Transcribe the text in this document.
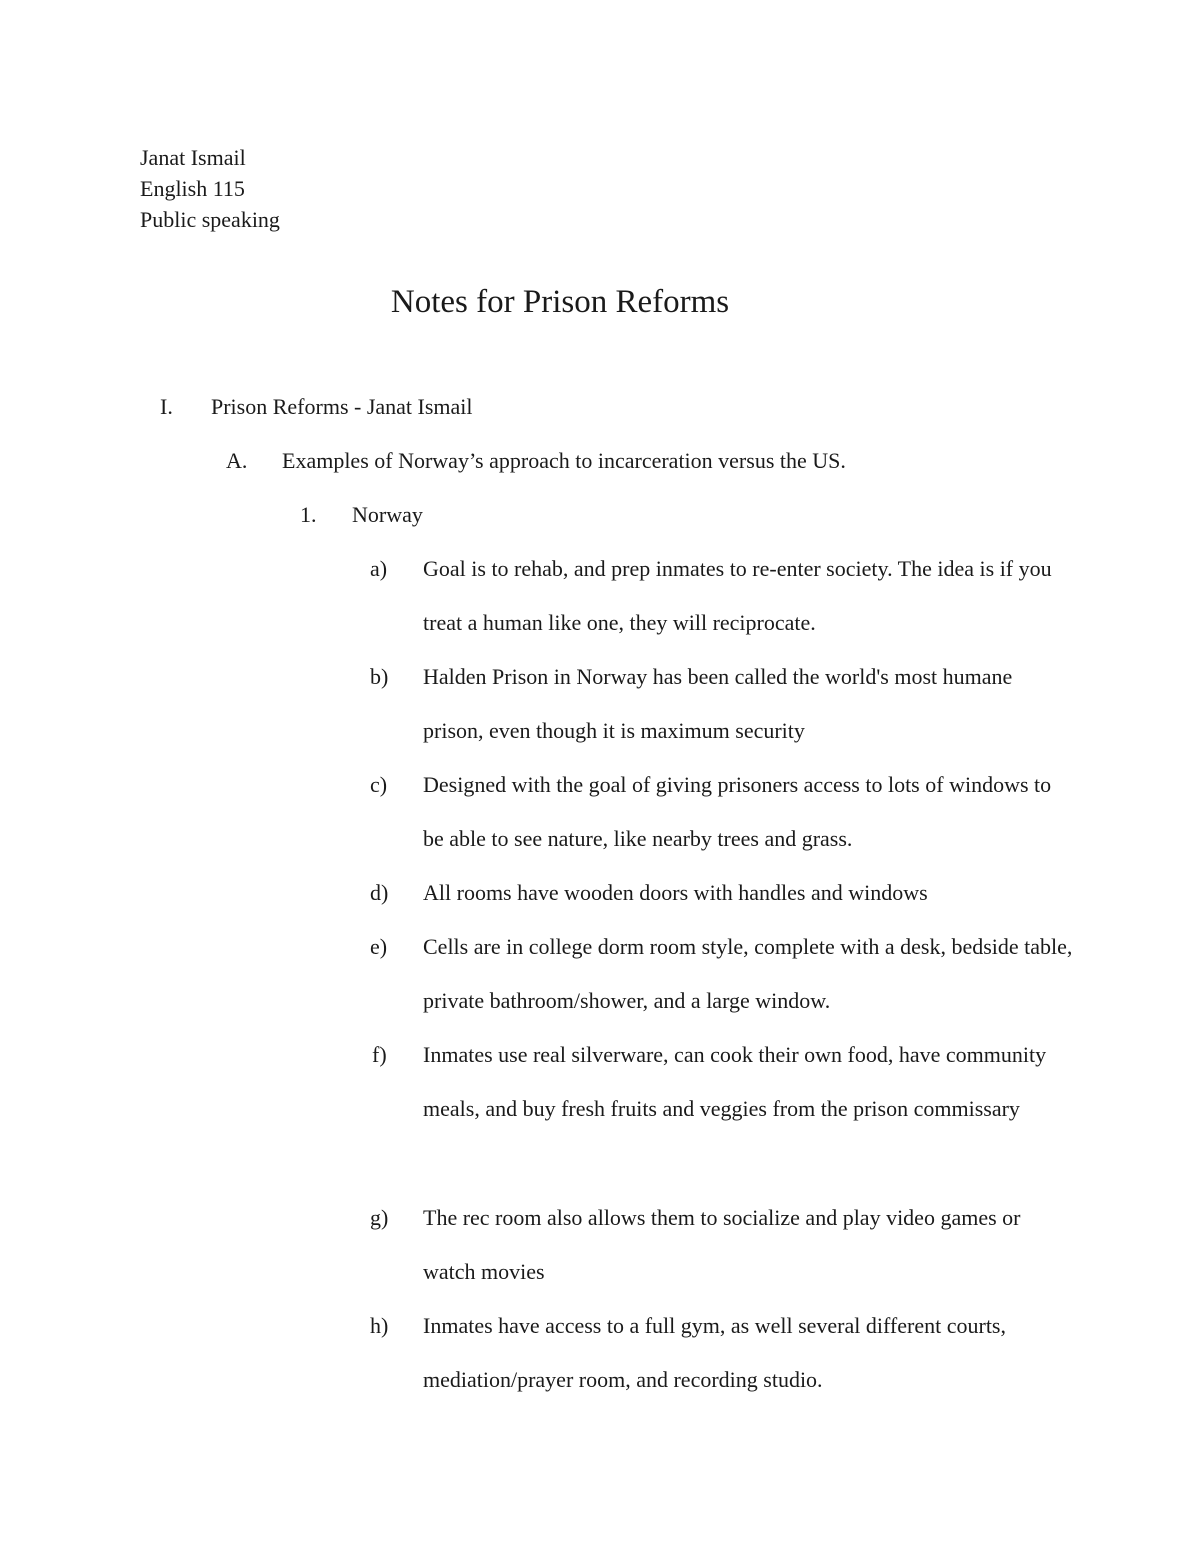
Janat Ismail
English 115
Public speaking
Notes for Prison Reforms
I. Prison Reforms - Janat Ismail
A. Examples of Norway’s approach to incarceration versus the US.
1. Norway
a) Goal is to rehab, and prep inmates to re-enter society. The idea is if you treat a human like one, they will reciprocate.
b) Halden Prison in Norway has been called the world's most humane prison, even though it is maximum security
c) Designed with the goal of giving prisoners access to lots of windows to be able to see nature, like nearby trees and grass.
d) All rooms have wooden doors with handles and windows
e) Cells are in college dorm room style, complete with a desk, bedside table, private bathroom/shower, and a large window.
f) Inmates use real silverware, can cook their own food, have community meals, and buy fresh fruits and veggies from the prison commissary
g) The rec room also allows them to socialize and play video games or watch movies
h) Inmates have access to a full gym, as well several different courts, mediation/prayer room, and recording studio.
